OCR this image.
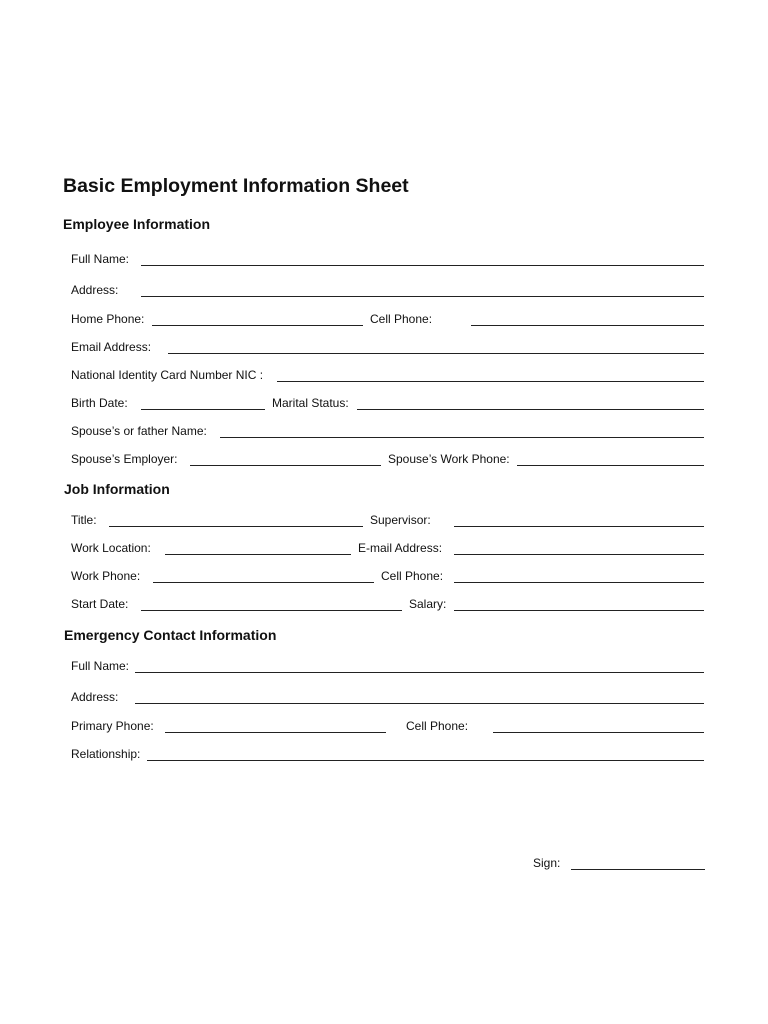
Basic Employment Information Sheet
Employee Information
Full Name:
Address:
Home Phone:	Cell Phone:
Email Address:
National Identity Card Number NIC :
Birth Date:	Marital Status:
Spouse’s or father Name:
Spouse’s Employer:	Spouse’s Work Phone:
Job Information
Title:	Supervisor:
Work Location:	E-mail Address:
Work Phone:	Cell Phone:
Start Date:	Salary:
Emergency Contact Information
Full Name:
Address:
Primary Phone:	Cell Phone:
Relationship:
Sign:
